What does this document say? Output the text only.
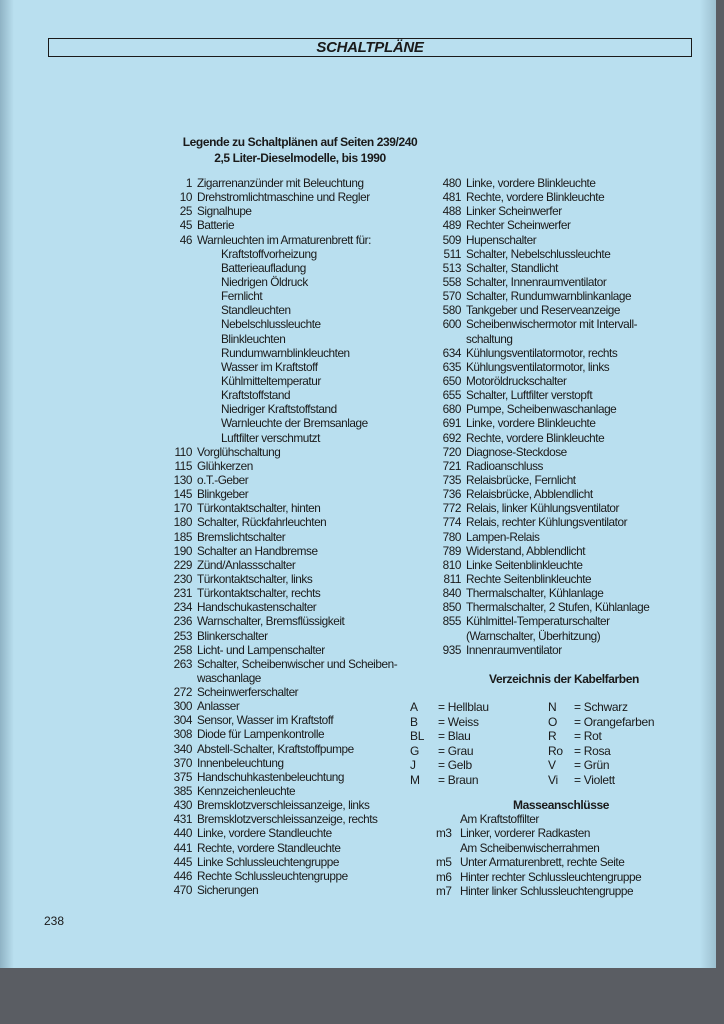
SCHALTPLÄNE
Legende zu Schaltplänen auf Seiten 239/240
2,5 Liter-Dieselmodelle, bis 1990
1 Zigarrenanzünder mit Beleuchtung
10 Drehstromlichtmaschine und Regler
25 Signalhupe
45 Batterie
46 Warnleuchten im Armaturenbrett für:
Kraftstoffvorheizung
Batterieaufladung
Niedrigen Öldruck
Fernlicht
Standleuchten
Nebelschlussleuchte
Blinkleuchten
Rundumwarnblinkleuchten
Wasser im Kraftstoff
Kühlmitteltemperatur
Kraftstoffstand
Niedriger Kraftstoffstand
Warnleuchte der Bremsanlage
Luftfilter verschmutzt
110 Vorglühschaltung
115 Glühkerzen
130 o.T.-Geber
145 Blinkgeber
170 Türkontaktschalter, hinten
180 Schalter, Rückfahrleuchten
185 Bremslichtschalter
190 Schalter an Handbremse
229 Zünd/Anlassschalter
230 Türkontaktschalter, links
231 Türkontaktschalter, rechts
234 Handschukastenschalter
236 Warnschalter, Bremsflüssigkeit
253 Blinkerschalter
258 Licht- und Lampenschalter
263 Schalter, Scheibenwischer und Scheiben-
waschanlage
272 Scheinwerferschalter
300 Anlasser
304 Sensor, Wasser im Kraftstoff
308 Diode für Lampenkontrolle
340 Abstell-Schalter, Kraftstoffpumpe
370 Innenbeleuchtung
375 Handschuhkastenbeleuchtung
385 Kennzeichenleuchte
430 Bremsklotzverschleissanzeige, links
431 Bremsklotzverschleissanzeige, rechts
440 Linke, vordere Standleuchte
441 Rechte, vordere Standleuchte
445 Linke Schlussleuchtengruppe
446 Rechte Schlussleuchtengruppe
470 Sicherungen
480 Linke, vordere Blinkleuchte
481 Rechte, vordere Blinkleuchte
488 Linker Scheinwerfer
489 Rechter Scheinwerfer
509 Hupenschalter
511 Schalter, Nebelschlussleuchte
513 Schalter, Standlicht
558 Schalter, Innenraumventilator
570 Schalter, Rundumwarnblinkanlage
580 Tankgeber und Reserveanzeige
600 Scheibenwischermotor mit Intervall-
schaltung
634 Kühlungsventilatormotor, rechts
635 Kühlungsventilatormotor, links
650 Motoröldruckschalter
655 Schalter, Luftfilter verstopft
680 Pumpe, Scheibenwaschanlage
691 Linke, vordere Blinkleuchte
692 Rechte, vordere Blinkleuchte
720 Diagnose-Steckdose
721 Radioanschluss
735 Relaisbrücke, Fernlicht
736 Relaisbrücke, Abblendlicht
772 Relais, linker Kühlungsventilator
774 Relais, rechter Kühlungsventilator
780 Lampen-Relais
789 Widerstand, Abblendlicht
810 Linke Seitenblinkleuchte
811 Rechte Seitenblinkleuchte
840 Thermalschalter, Kühlanlage
850 Thermalschalter, 2 Stufen, Kühlanlage
855 Kühlmittel-Temperaturschalter
(Warnschalter, Überhitzung)
935 Innenraumventilator
Verzeichnis der Kabelfarben
A	= Hellblau	N	= Schwarz
B	= Weiss	O	= Orangefarben
BL	= Blau	R	= Rot
G	= Grau	Ro = Rosa
J	= Gelb	V	= Grün
M	= Braun	Vi	= Violett
Masseanschlüsse
Am Kraftstoffilter
m3 Linker, vorderer Radkasten
Am Scheibenwischerrahmen
m5 Unter Armaturenbrett, rechte Seite
m6 Hinter rechter Schlussleuchtengruppe
m7 Hinter linker Schlussleuchtengruppe
238
